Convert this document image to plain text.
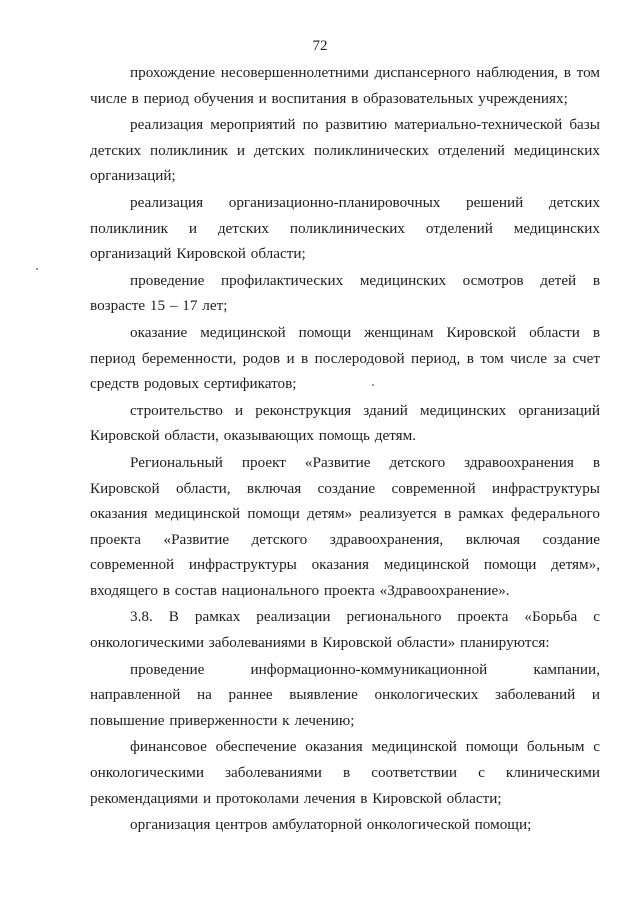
72

прохождение несовершеннолетними диспансерного наблюдения, в том числе в период обучения и воспитания в образовательных учреждениях;

реализация мероприятий по развитию материально-технической базы детских поликлиник и детских поликлинических отделений медицинских организаций;

реализация организационно-планировочных решений детских поликлиник и детских поликлинических отделений медицинских организаций Кировской области;

проведение профилактических медицинских осмотров детей в возрасте 15 – 17 лет;

оказание медицинской помощи женщинам Кировской области в период беременности, родов и в послеродовой период, в том числе за счет средств родовых сертификатов;

строительство и реконструкция зданий медицинских организаций Кировской области, оказывающих помощь детям.

Региональный проект «Развитие детского здравоохранения в Кировской области, включая создание современной инфраструктуры оказания медицинской помощи детям» реализуется в рамках федерального проекта «Развитие детского здравоохранения, включая создание современной инфраструктуры оказания медицинской помощи детям», входящего в состав национального проекта «Здравоохранение».

3.8. В рамках реализации регионального проекта «Борьба с онкологическими заболеваниями в Кировской области» планируются:

проведение информационно-коммуникационной кампании, направленной на раннее выявление онкологических заболеваний и повышение приверженности к лечению;

финансовое обеспечение оказания медицинской помощи больным с онкологическими заболеваниями в соответствии с клиническими рекомендациями и протоколами лечения в Кировской области;

организация центров амбулаторной онкологической помощи;
